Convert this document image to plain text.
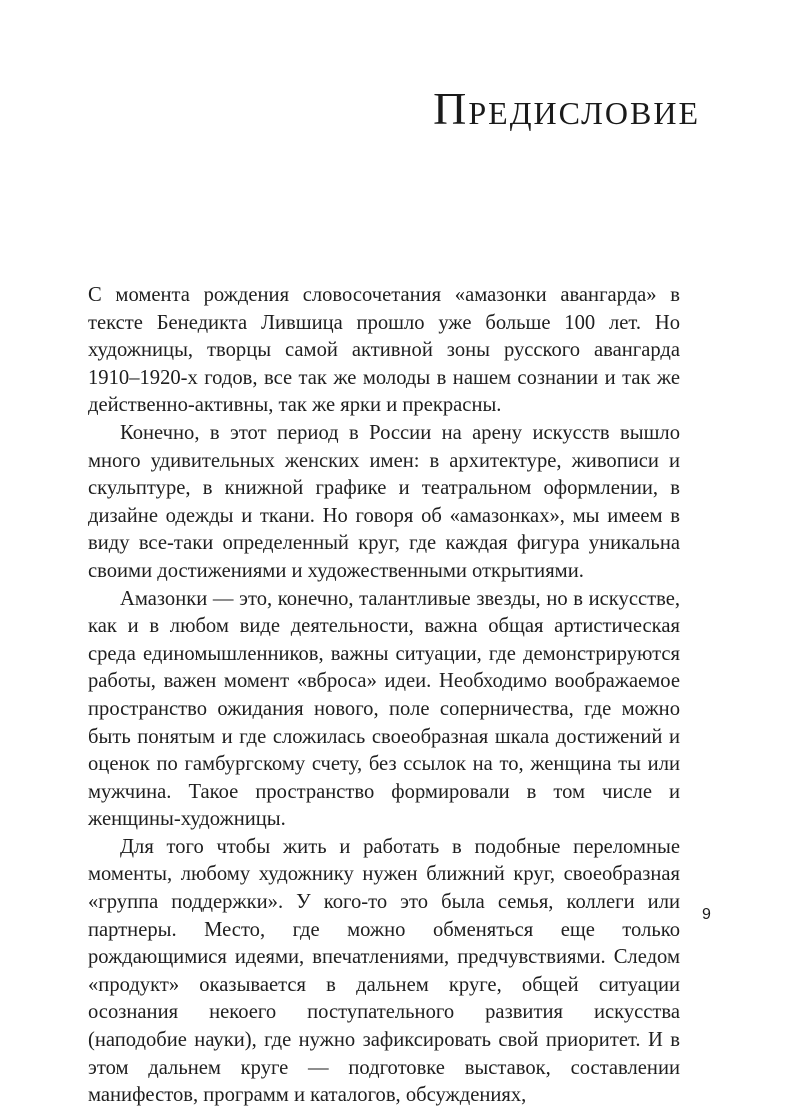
Предисловие

С момента рождения словосочетания «амазонки авангарда» в тексте Бенедикта Лившица прошло уже больше 100 лет. Но художницы, творцы самой активной зоны русского авангарда 1910–1920-х годов, все так же молоды в нашем сознании и так же действенно-активны, так же ярки и прекрасны.

Конечно, в этот период в России на арену искусств вышло много удивительных женских имен: в архитектуре, живописи и скульптуре, в книжной графике и театральном оформлении, в дизайне одежды и ткани. Но говоря об «амазонках», мы имеем в виду все-таки определенный круг, где каждая фигура уникальна своими достижениями и художественными открытиями.

Амазонки — это, конечно, талантливые звезды, но в искусстве, как и в любом виде деятельности, важна общая артистическая среда единомышленников, важны ситуации, где демонстрируются работы, важен момент «вброса» идеи. Необходимо воображаемое пространство ожидания нового, поле соперничества, где можно быть понятым и где сложилась своеобразная шкала достижений и оценок по гамбургскому счету, без ссылок на то, женщина ты или мужчина. Такое пространство формировали в том числе и женщины-художницы.

Для того чтобы жить и работать в подобные переломные моменты, любому художнику нужен ближний круг, своеобразная «группа поддержки». У кого-то это была семья, коллеги или партнеры. Место, где можно обменяться еще только рождающимися идеями, впечатлениями, предчувствиями. Следом «продукт» оказывается в дальнем круге, общей ситуации осознания некоего поступательного развития искусства (наподобие науки), где нужно зафиксировать свой приоритет. И в этом дальнем круге — подготовке выставок, составлении манифестов, программ и каталогов, обсуждениях,

9
